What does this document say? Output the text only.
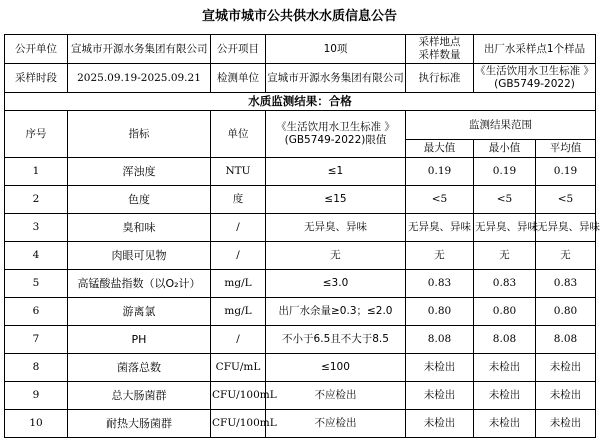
宣城市城市公共供水水质信息公告
公开单位	宣城市开源水务集团有限公司	公开项目	10项	采样地点
采样数量	出厂水采样点1个样品	
采样时段	2025.09.19-2025.09.21	检测单位	宣城市开源水务集团有限公司	执行标准	《生活饮用水卫生标准 》
(GB5749-2022)	
水质监测结果：合格						
序号	指标	单位	《生活饮用水卫生标准 》
(GB5749-2022)限值	监测结果范围		
				最大值	最小值	平均值
1	浑浊度	NTU	≤1	0.19	0.19	0.19
2	色度	度	≤15	<5	<5	<5
3	臭和味	/	无异臭、异味	无异臭、异味	无异臭、异味	无异臭、异味
4	肉眼可见物	/	无	无	无	无
5	高锰酸盐指数（以O₂计）	mg/L	≤3.0	0.83	0.83	0.83
6	游离氯	mg/L	出厂水余量≥0.3；≤2.0	0.80	0.80	0.80
7	PH	/	不小于6.5且不大于8.5	8.08	8.08	8.08
8	菌落总数	CFU/mL	≤100	未检出	未检出	未检出
9	总大肠菌群	CFU/100mL	不应检出	未检出	未检出	未检出
10	耐热大肠菌群	CFU/100mL	不应检出	未检出	未检出	未检出
